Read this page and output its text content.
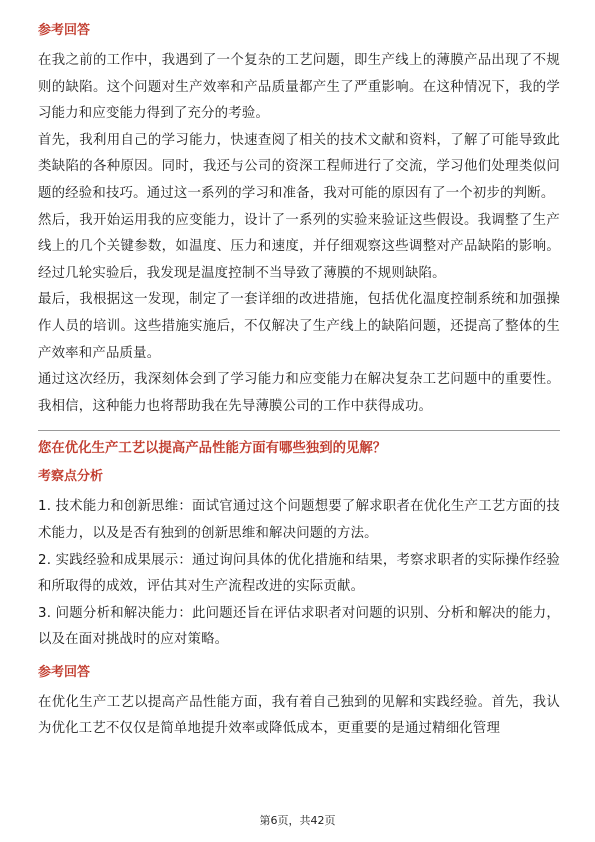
参考回答

在我之前的工作中，我遇到了一个复杂的工艺问题，即生产线上的薄膜产品出现了不规则的缺陷。这个问题对生产效率和产品质量都产生了严重影响。在这种情况下，我的学习能力和应变能力得到了充分的考验。

首先，我利用自己的学习能力，快速查阅了相关的技术文献和资料，了解了可能导致此类缺陷的各种原因。同时，我还与公司的资深工程师进行了交流，学习他们处理类似问题的经验和技巧。通过这一系列的学习和准备，我对可能的原因有了一个初步的判断。

然后，我开始运用我的应变能力，设计了一系列的实验来验证这些假设。我调整了生产线上的几个关键参数，如温度、压力和速度，并仔细观察这些调整对产品缺陷的影响。经过几轮实验后，我发现是温度控制不当导致了薄膜的不规则缺陷。

最后，我根据这一发现，制定了一套详细的改进措施，包括优化温度控制系统和加强操作人员的培训。这些措施实施后，不仅解决了生产线上的缺陷问题，还提高了整体的生产效率和产品质量。

通过这次经历，我深刻体会到了学习能力和应变能力在解决复杂工艺问题中的重要性。我相信，这种能力也将帮助我在先导薄膜公司的工作中获得成功。

您在优化生产工艺以提高产品性能方面有哪些独到的见解？

考察点分析

1. 技术能力和创新思维：面试官通过这个问题想要了解求职者在优化生产工艺方面的技术能力，以及是否有独到的创新思维和解决问题的方法。

2. 实践经验和成果展示：通过询问具体的优化措施和结果，考察求职者的实际操作经验和所取得的成效，评估其对生产流程改进的实际贡献。

3. 问题分析和解决能力：此问题还旨在评估求职者对问题的识别、分析和解决的能力，以及在面对挑战时的应对策略。

参考回答

在优化生产工艺以提高产品性能方面，我有着自己独到的见解和实践经验。首先，我认为优化工艺不仅仅是简单地提升效率或降低成本，更重要的是通过精细化管理

第6页，共42页
